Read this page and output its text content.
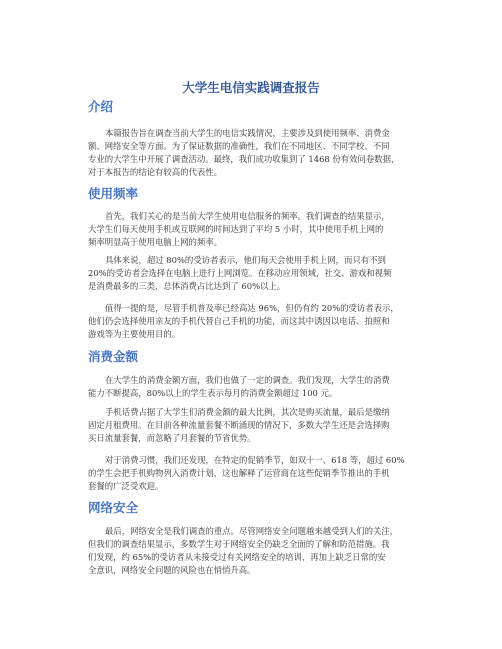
大学生电信实践调查报告
介绍
本篇报告旨在调查当前大学生的电信实践情况，主要涉及到使用频率、消费金
额、网络安全等方面。为了保证数据的准确性，我们在不同地区、不同学校、不同
专业的大学生中开展了调查活动。最终，我们成功收集到了 1468 份有效问卷数据，
对于本报告的结论有较高的代表性。
使用频率
首先，我们关心的是当前大学生使用电信服务的频率。我们调查的结果显示，
大学生们每天使用手机或互联网的时间达到了平均 5 小时，其中使用手机上网的
频率明显高于使用电脑上网的频率。
具体来说，超过 80%的受访者表示，他们每天会使用手机上网，而只有不到
20%的受访者会选择在电脑上进行上网浏览。在移动应用领域，社交、游戏和视频
是消费最多的三类，总体消费占比达到了 60%以上。
值得一提的是，尽管手机普及率已经高达 96%，但仍有约 20%的受访者表示，
他们仍会选择使用亲友的手机代替自己手机的功能，而这其中诱因以电话、拍照和
游戏等为主要使用目的。
消费金额
在大学生的消费金额方面，我们也做了一定的调查。我们发现，大学生的消费
能力不断提高，80%以上的学生表示每月的消费金额超过 100 元。
手机话费占据了大学生们消费金额的最大比例，其次是购买流量，最后是缴纳
固定月租费用。在目前各种流量套餐不断涌现的情况下，多数大学生还是会选择购
买日流量套餐，而忽略了月套餐的节省优势。
对于消费习惯，我们还发现，在特定的促销季节，如双十一、618 等，超过 60%
的学生会把手机购物列入消费计划，这也解释了运营商在这些促销季节推出的手机
套餐的广泛受欢迎。
网络安全
最后，网络安全是我们调查的重点。尽管网络安全问题越来越受到人们的关注，
但我们的调查结果显示，多数学生对于网络安全仍缺乏全面的了解和防范措施。我
们发现，约 65%的受访者从未接受过有关网络安全的培训，再加上缺乏日常的安
全意识，网络安全问题的风险也在悄悄升高。
